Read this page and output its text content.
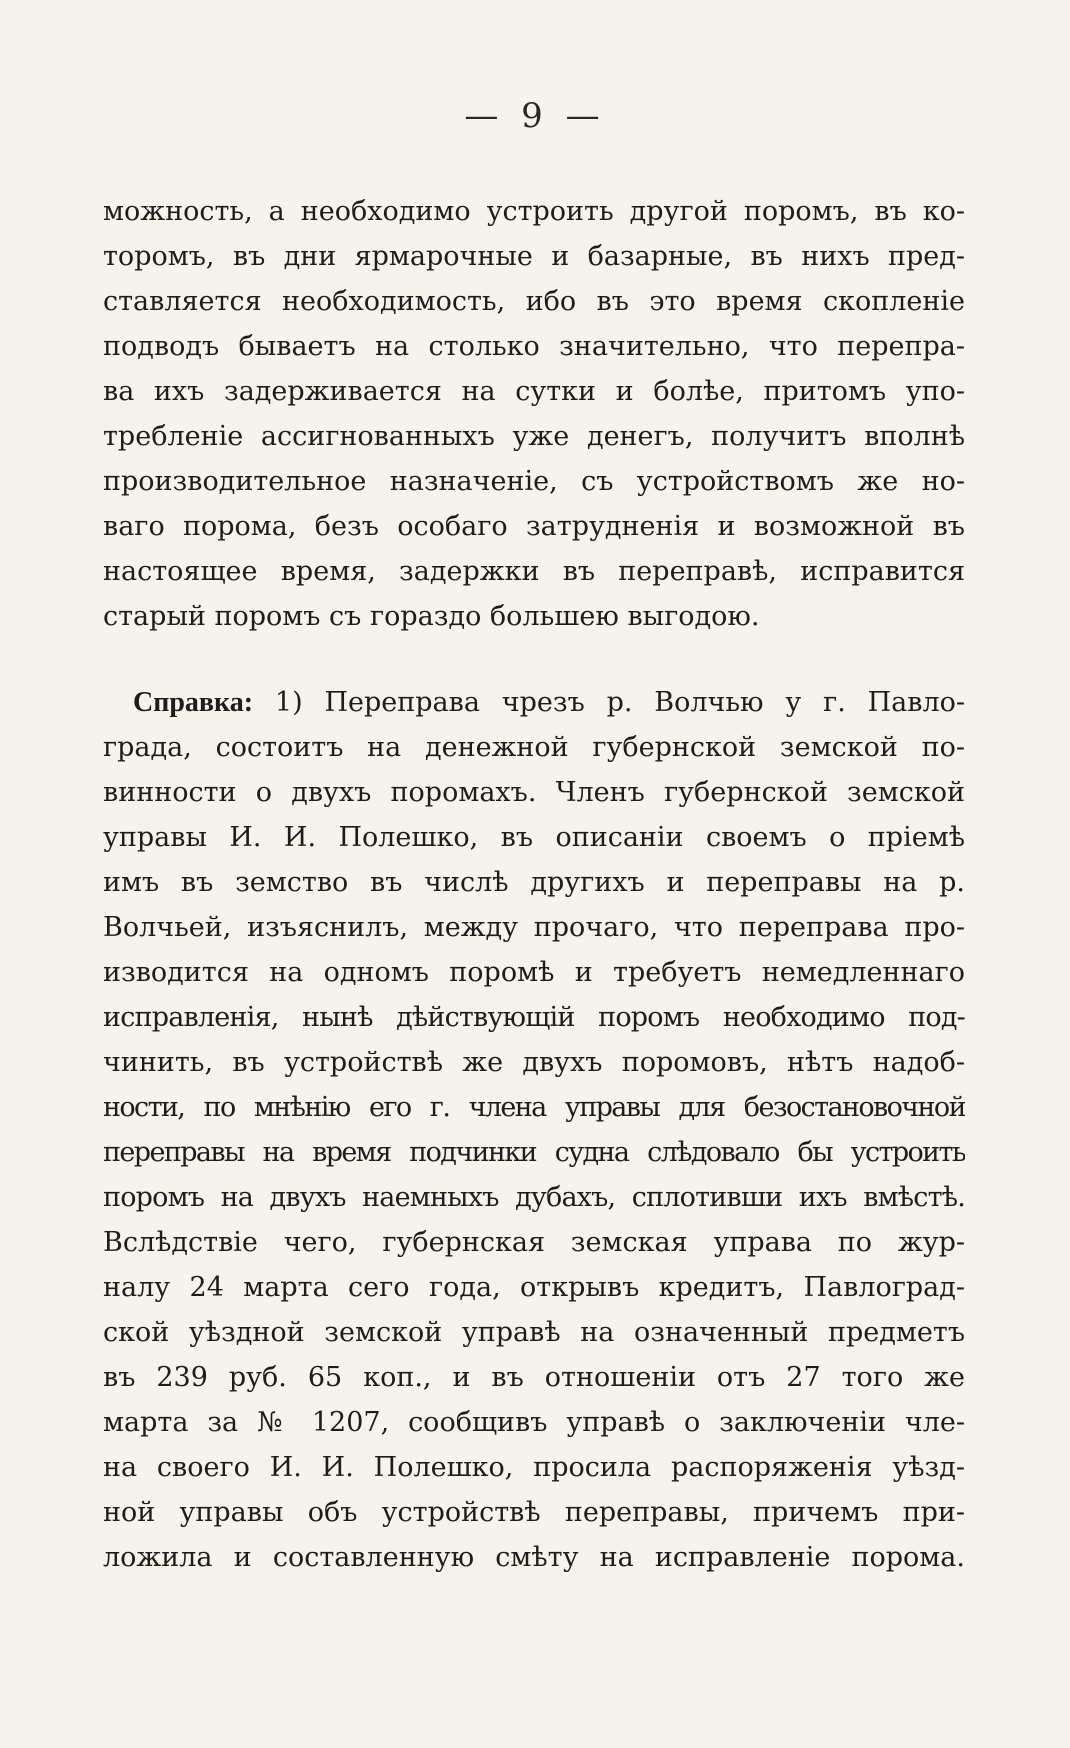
— 9 —
можность, а необходимо устроить другой поромъ, въ ко-
торомъ, въ дни ярмарочные и базарные, въ нихъ пред-
ставляется необходимость, ибо въ это время скопленіе
подводъ бываетъ на столько значительно, что перепра-
ва ихъ задерживается на сутки и болѣе, притомъ упо-
требленіе ассигнованныхъ уже денегъ, получитъ вполнѣ
производительное назначеніе, съ устройствомъ же но-
ваго порома, безъ особаго затрудненія и возможной въ
настоящее время, задержки въ переправѣ, исправится
старый поромъ съ гораздо большею выгодою.
Справка: 1) Переправа чрезъ р. Волчью у г. Павло-
града, состоитъ на денежной губернской земской по-
винности о двухъ поромахъ. Членъ губернской земской
управы И. И. Полешко, въ описаніи своемъ о пріемѣ
имъ въ земство въ числѣ другихъ и переправы на р.
Волчьей, изъяснилъ, между прочаго, что переправа про-
изводится на одномъ поромѣ и требуетъ немедленнаго
исправленія, нынѣ дѣйствующій поромъ необходимо под-
чинить, въ устройствѣ же двухъ поромовъ, нѣтъ надоб-
ности, по мнѣнію его г. члена управы для безостановочной
переправы на время подчинки судна слѣдовало бы устроить
поромъ на двухъ наемныхъ дубахъ, сплотивши ихъ вмѣстѣ.
Вслѣдствіе чего, губернская земская управа по жур-
налу 24 марта сего года, открывъ кредитъ, Павлоград-
ской уѣздной земской управѣ на означенный предметъ
въ 239 руб. 65 коп., и въ отношеніи отъ 27 того же
марта за № 1207, сообщивъ управѣ о заключеніи чле-
на своего И. И. Полешко, просила распоряженія уѣзд-
ной управы объ устройствѣ переправы, причемъ при-
ложила и составленную смѣту на исправленіе порома.
